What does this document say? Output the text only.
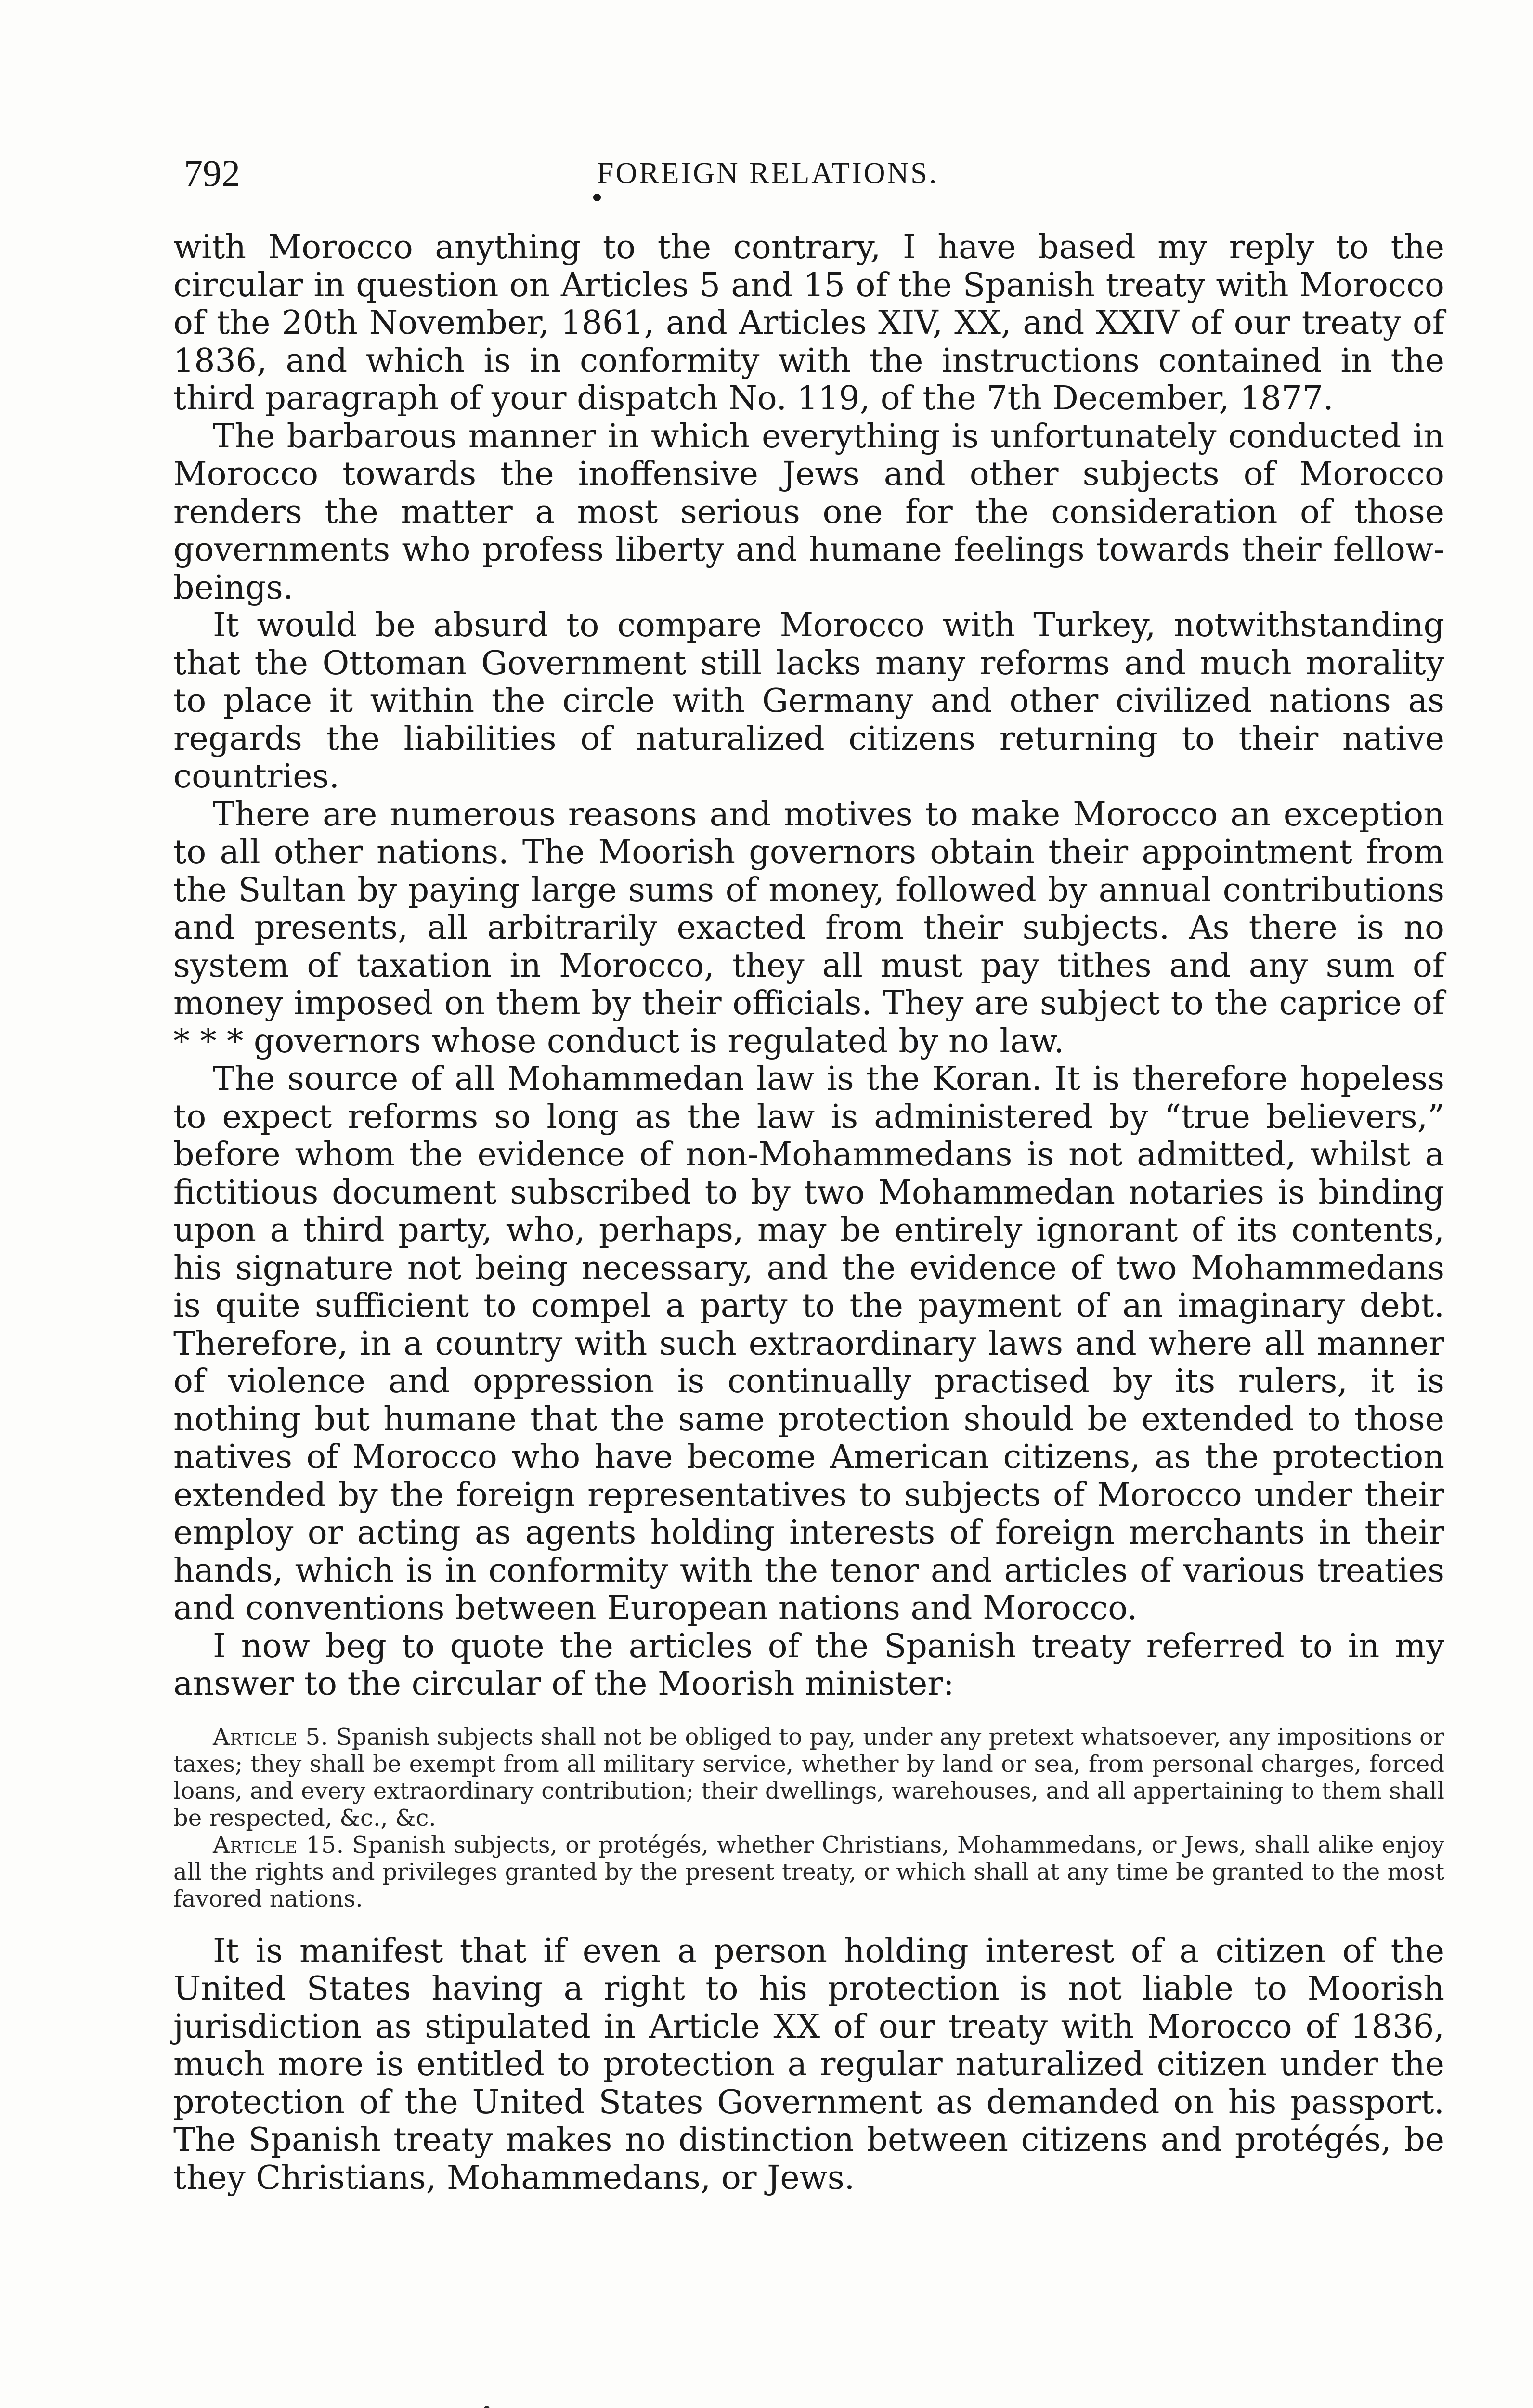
792	FOREIGN RELATIONS.

with Morocco anything to the contrary, I have based my reply to the circular in question on Articles 5 and 15 of the Spanish treaty with Morocco of the 20th November, 1861, and Articles XIV, XX, and XXIV of our treaty of 1836, and which is in conformity with the instructions contained in the third paragraph of your dispatch No. 119, of the 7th December, 1877.

The barbarous manner in which everything is unfortunately conducted in Morocco towards the inoffensive Jews and other subjects of Morocco renders the matter a most serious one for the consideration of those governments who profess liberty and humane feelings towards their fellow-beings.

It would be absurd to compare Morocco with Turkey, notwithstanding that the Ottoman Government still lacks many reforms and much morality to place it within the circle with Germany and other civilized nations as regards the liabilities of naturalized citizens returning to their native countries.

There are numerous reasons and motives to make Morocco an exception to all other nations. The Moorish governors obtain their appointment from the Sultan by paying large sums of money, followed by annual contributions and presents, all arbitrarily exacted from their subjects. As there is no system of taxation in Morocco, they all must pay tithes and any sum of money imposed on them by their officials. They are subject to the caprice of * * * governors whose conduct is regulated by no law.

The source of all Mohammedan law is the Koran. It is therefore hopeless to expect reforms so long as the law is administered by “true believers,” before whom the evidence of non-Mohammedans is not admitted, whilst a fictitious document subscribed to by two Mohammedan notaries is binding upon a third party, who, perhaps, may be entirely ignorant of its contents, his signature not being necessary, and the evidence of two Mohammedans is quite sufficient to compel a party to the payment of an imaginary debt. Therefore, in a country with such extraordinary laws and where all manner of violence and oppression is continually practised by its rulers, it is nothing but humane that the same protection should be extended to those natives of Morocco who have become American citizens, as the protection extended by the foreign representatives to subjects of Morocco under their employ or acting as agents holding interests of foreign merchants in their hands, which is in conformity with the tenor and articles of various treaties and conventions between European nations and Morocco.

I now beg to quote the articles of the Spanish treaty referred to in my answer to the circular of the Moorish minister:

Article 5. Spanish subjects shall not be obliged to pay, under any pretext whatsoever, any impositions or taxes; they shall be exempt from all military service, whether by land or sea, from personal charges, forced loans, and every extraordinary contribution; their dwellings, warehouses, and all appertaining to them shall be respected, &c., &c.

Article 15. Spanish subjects, or protégés, whether Christians, Mohammedans, or Jews, shall alike enjoy all the rights and privileges granted by the present treaty, or which shall at any time be granted to the most favored nations.

It is manifest that if even a person holding interest of a citizen of the United States having a right to his protection is not liable to Moorish jurisdiction as stipulated in Article XX of our treaty with Morocco of 1836, much more is entitled to protection a regular naturalized citizen under the protection of the United States Government as demanded on his passport. The Spanish treaty makes no distinction between citizens and protégés, be they Christians, Mohammedans, or Jews.
